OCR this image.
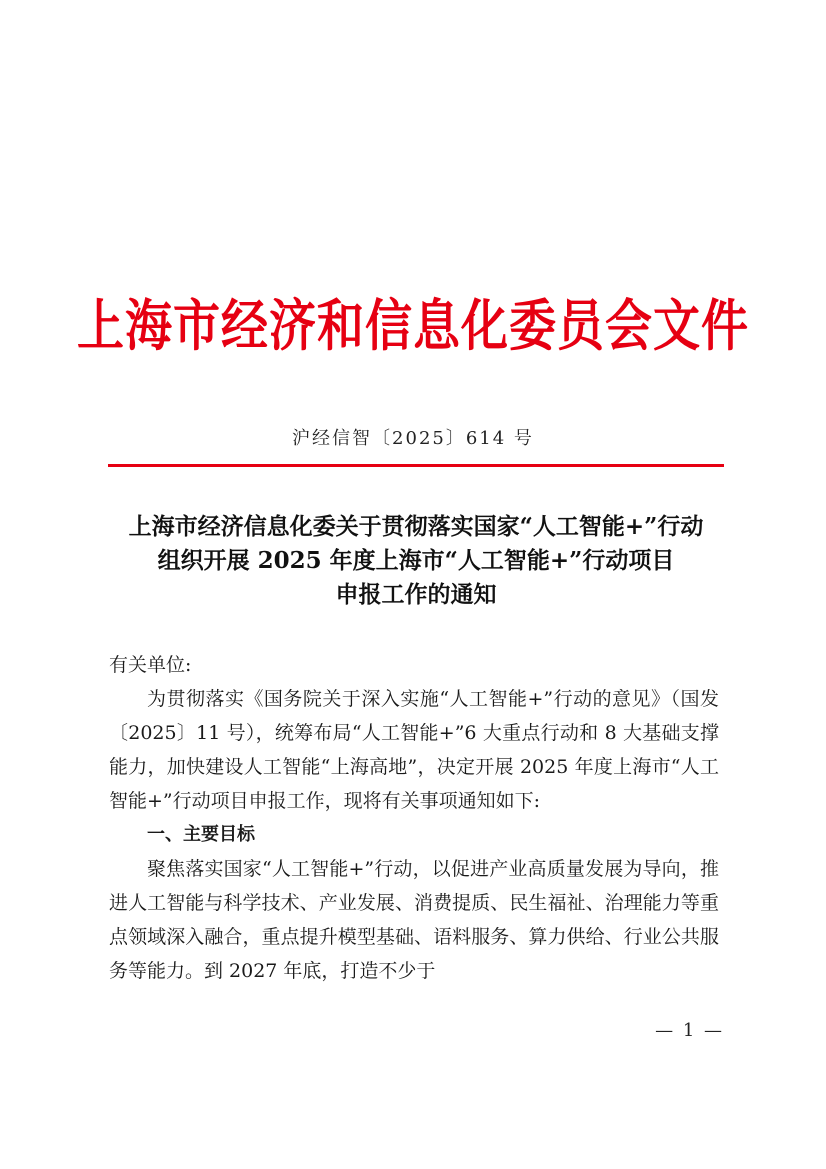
上海市经济和信息化委员会文件
沪经信智〔2025〕614 号
上海市经济信息化委关于贯彻落实国家“人工智能+”行动
组织开展 2025 年度上海市“人工智能+”行动项目
申报工作的通知

有关单位:

为贯彻落实《国务院关于深入实施“人工智能+”行动的意见》（国发〔2025〕11 号），统筹布局“人工智能+”6 大重点行动和 8 大基础支撑能力，加快建设人工智能“上海高地”，决定开展 2025 年度上海市“人工智能+”行动项目申报工作，现将有关事项通知如下:

一、主要目标

聚焦落实国家“人工智能+”行动，以促进产业高质量发展为导向，推进人工智能与科学技术、产业发展、消费提质、民生福祉、治理能力等重点领域深入融合，重点提升模型基础、语料服务、算力供给、行业公共服务等能力。到 2027 年底，打造不少于

— 1 —
